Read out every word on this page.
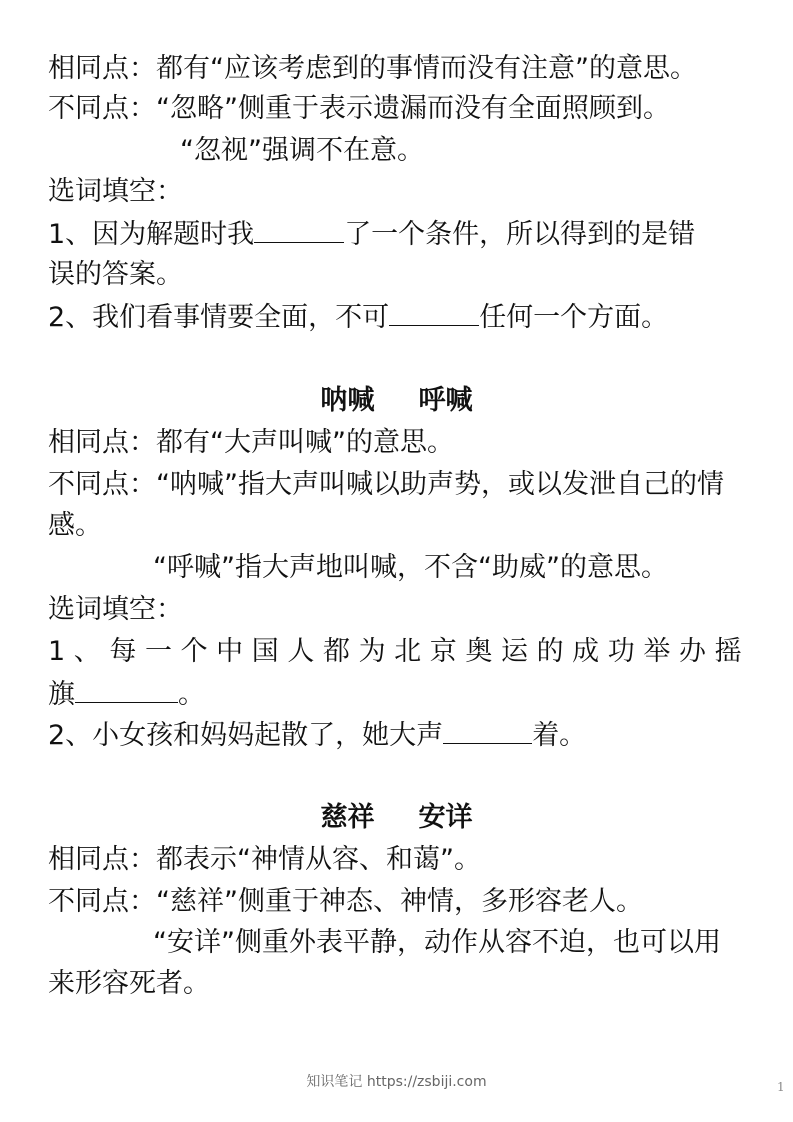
相同点：都有“应该考虑到的事情而没有注意”的意思。
不同点：“忽略”侧重于表示遗漏而没有全面照顾到。
“忽视”强调不在意。
选词填空：
1、因为解题时我	了一个条件，所以得到的是错
误的答案。
2、我们看事情要全面，不可	任何一个方面。
呐喊 呼喊
相同点：都有“大声叫喊”的意思。
不同点：“呐喊”指大声叫喊以助声势，或以发泄自己的情
感。
“呼喊”指大声地叫喊，不含“助威”的意思。
选词填空：
1、每一个中国人都为北京奥运的成功举办摇
旗	。
2、小女孩和妈妈起散了，她大声	着。
慈祥 安详
相同点：都表示“神情从容、和蔼”。
不同点：“慈祥”侧重于神态、神情，多形容老人。
“安详”侧重外表平静，动作从容不迫，也可以用
来形容死者。
知识笔记 https://zsbiji.com	1
